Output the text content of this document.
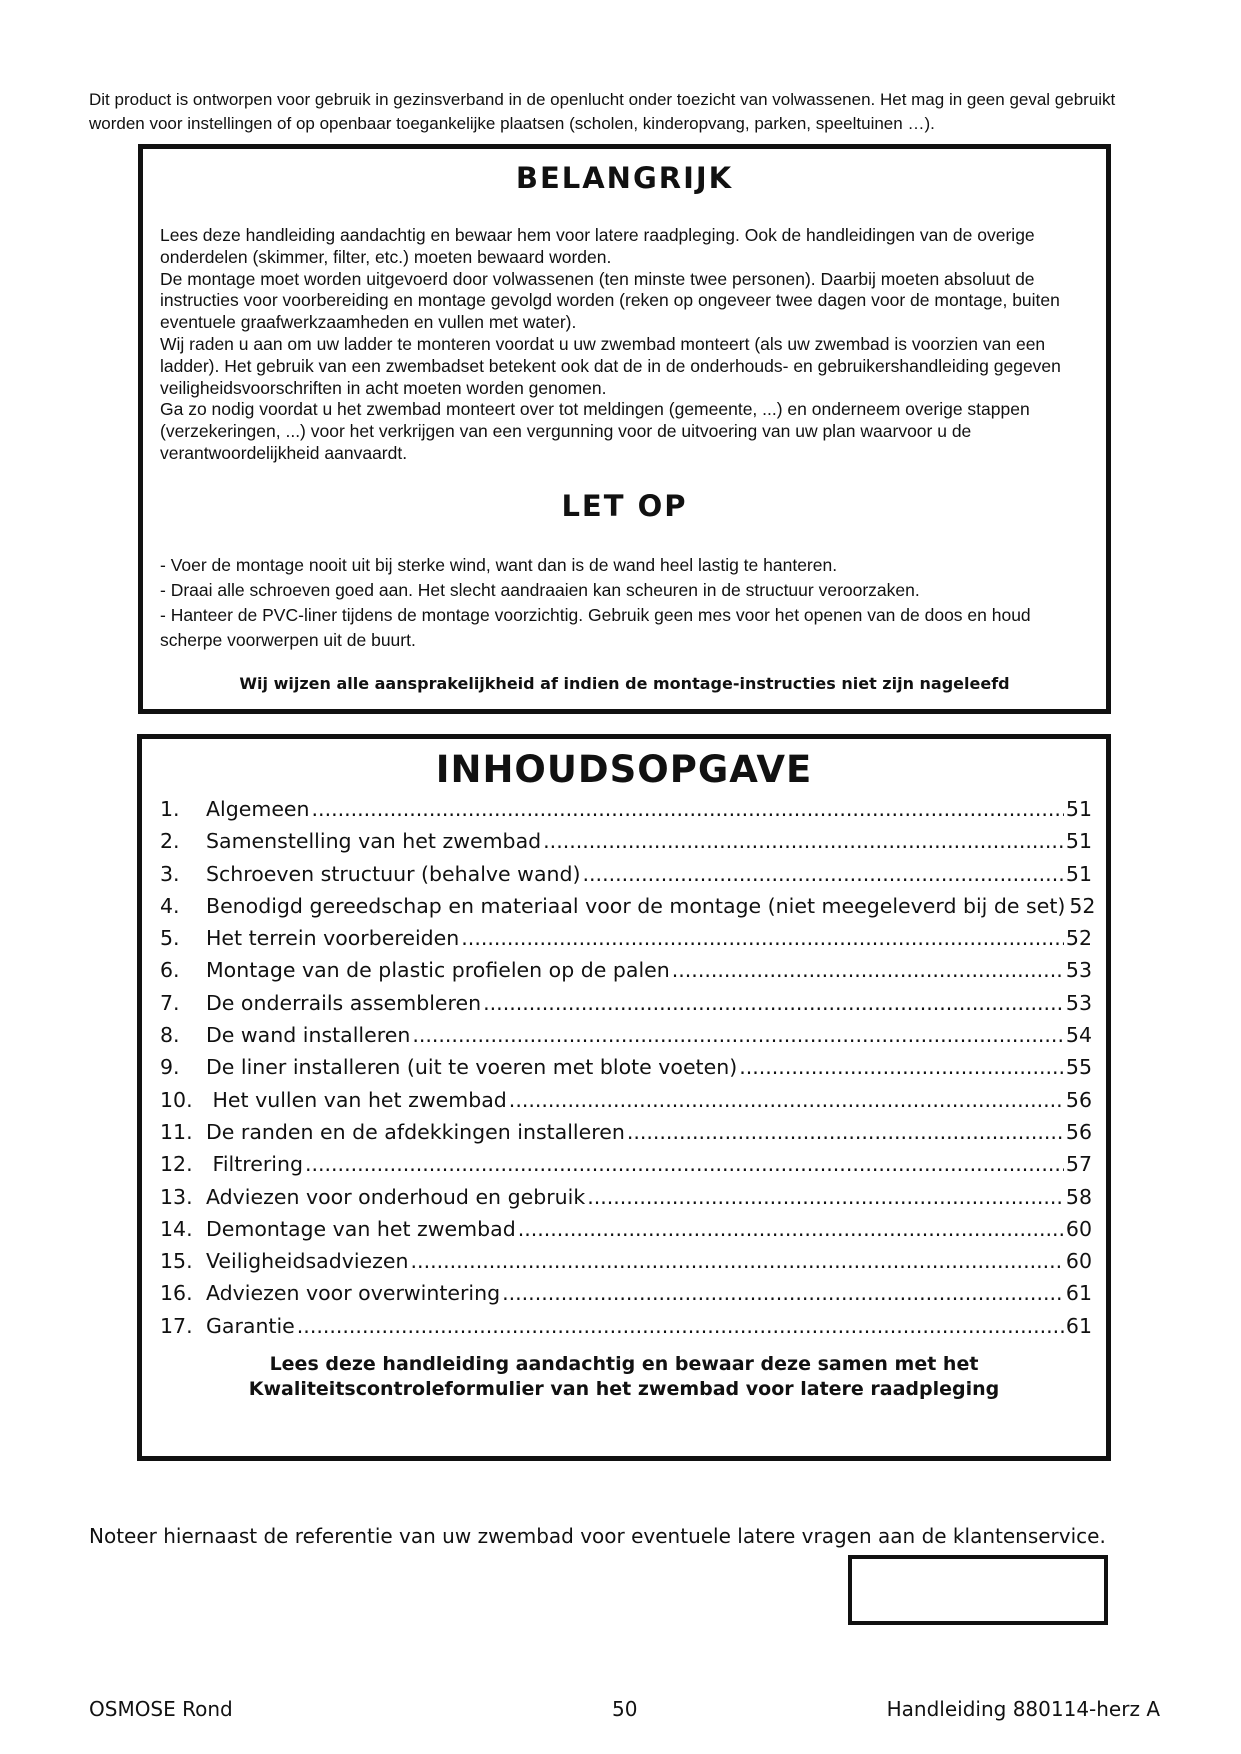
Dit product is ontworpen voor gebruik in gezinsverband in de openlucht onder toezicht van volwassenen. Het mag in geen geval gebruikt worden voor instellingen of op openbaar toegankelijke plaatsen (scholen, kinderopvang, parken, speeltuinen …).
BELANGRIJK

Lees deze handleiding aandachtig en bewaar hem voor latere raadpleging. Ook de handleidingen van de overige onderdelen (skimmer, filter, etc.) moeten bewaard worden.

De montage moet worden uitgevoerd door volwassenen (ten minste twee personen). Daarbij moeten absoluut de instructies voor voorbereiding en montage gevolgd worden (reken op ongeveer twee dagen voor de montage, buiten eventuele graafwerkzaamheden en vullen met water).

Wij raden u aan om uw ladder te monteren voordat u uw zwembad monteert (als uw zwembad is voorzien van een ladder). Het gebruik van een zwembadset betekent ook dat de in de onderhouds- en gebruikershandleiding gegeven veiligheidsvoorschriften in acht moeten worden genomen.

Ga zo nodig voordat u het zwembad monteert over tot meldingen (gemeente, ...) en onderneem overige stappen (verzekeringen, ...) voor het verkrijgen van een vergunning voor de uitvoering van uw plan waarvoor u de verantwoordelijkheid aanvaardt.

LET OP

- Voer de montage nooit uit bij sterke wind, want dan is de wand heel lastig te hanteren.

- Draai alle schroeven goed aan. Het slecht aandraaien kan scheuren in de structuur veroorzaken.

- Hanteer de PVC-liner tijdens de montage voorzichtig. Gebruik geen mes voor het openen van de doos en houd scherpe voorwerpen uit de buurt.

Wij wijzen alle aansprakelijkheid af indien de montage-instructies niet zijn nageleefd
INHOUDSOPGAVE
1.	Algemeen .....	51
2.	Samenstelling van het zwembad .....	51
3.	Schroeven structuur (behalve wand) .....	51
4.	Benodigd gereedschap en materiaal voor de montage (niet meegeleverd bij de set) 52
5.	Het terrein voorbereiden .....	52
6.	Montage van de plastic profielen op de palen .....	53
7.	De onderrails assembleren .....	53
8.	De wand installeren .....	54
9.	De liner installeren (uit te voeren met blote voeten) .....	55
10. Het vullen van het zwembad .....	56
11. De randen en de afdekkingen installeren .....	56
12. Filtrering .....	57
13. Adviezen voor onderhoud en gebruik .....	58
14. Demontage van het zwembad .....	60
15. Veiligheidsadviezen .....	60
16. Adviezen voor overwintering .....	61
17. Garantie .....	61
Lees deze handleiding aandachtig en bewaar deze samen met het
Kwaliteitscontroleformulier van het zwembad voor latere raadpleging
Noteer hiernaast de referentie van uw zwembad voor eventuele latere vragen aan de klantenservice.
OSMOSE Rond	50	Handleiding 880114-herz A
